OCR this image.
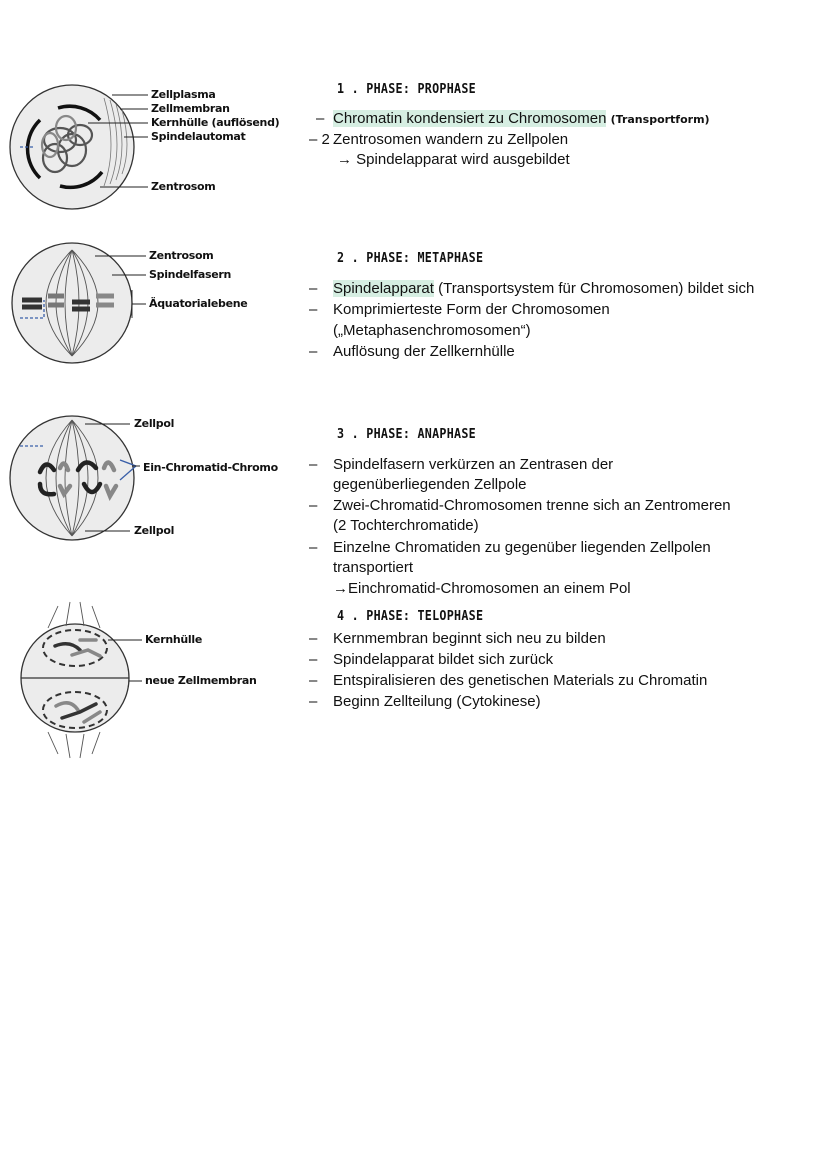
Zellplasma
Zellmembran
Kernhülle (auflösend)
Spindelautomat
Zentrosom
Zentrosom
Spindelfasern
Äquatorialebene
Zellpol
Ein-Chromatid-Chromo
Zellpol
Kernhülle
neue Zellmembran
1 . PHASE: PROPHASE
– Chromatin kondensiert zu Chromosomen (Transportform)
– 2 Zentrosomen wandern zu Zellpolen
→ Spindelapparat wird ausgebildet
2 . PHASE: METAPHASE
– Spindelapparat (Transportsystem für Chromosomen) bildet sich
– Komprimierteste Form der Chromosomen
(„Metaphasenchromosomen“)
– Auflösung der Zellkernhülle
3 . PHASE: ANAPHASE
– Spindelfasern verkürzen an Zentrasen der
gegenüberliegenden Zellpole
– Zwei-Chromatid-Chromosomen trenne sich an Zentromeren
(2 Tochterchromatide)
– Einzelne Chromatiden zu gegenüber liegenden Zellpolen
transportiert
→Einchromatid-Chromosomen an einem Pol
4 . PHASE: TELOPHASE
– Kernmembran beginnt sich neu zu bilden
– Spindelapparat bildet sich zurück
– Entspiralisieren des genetischen Materials zu Chromatin
– Beginn Zellteilung (Cytokinese)
